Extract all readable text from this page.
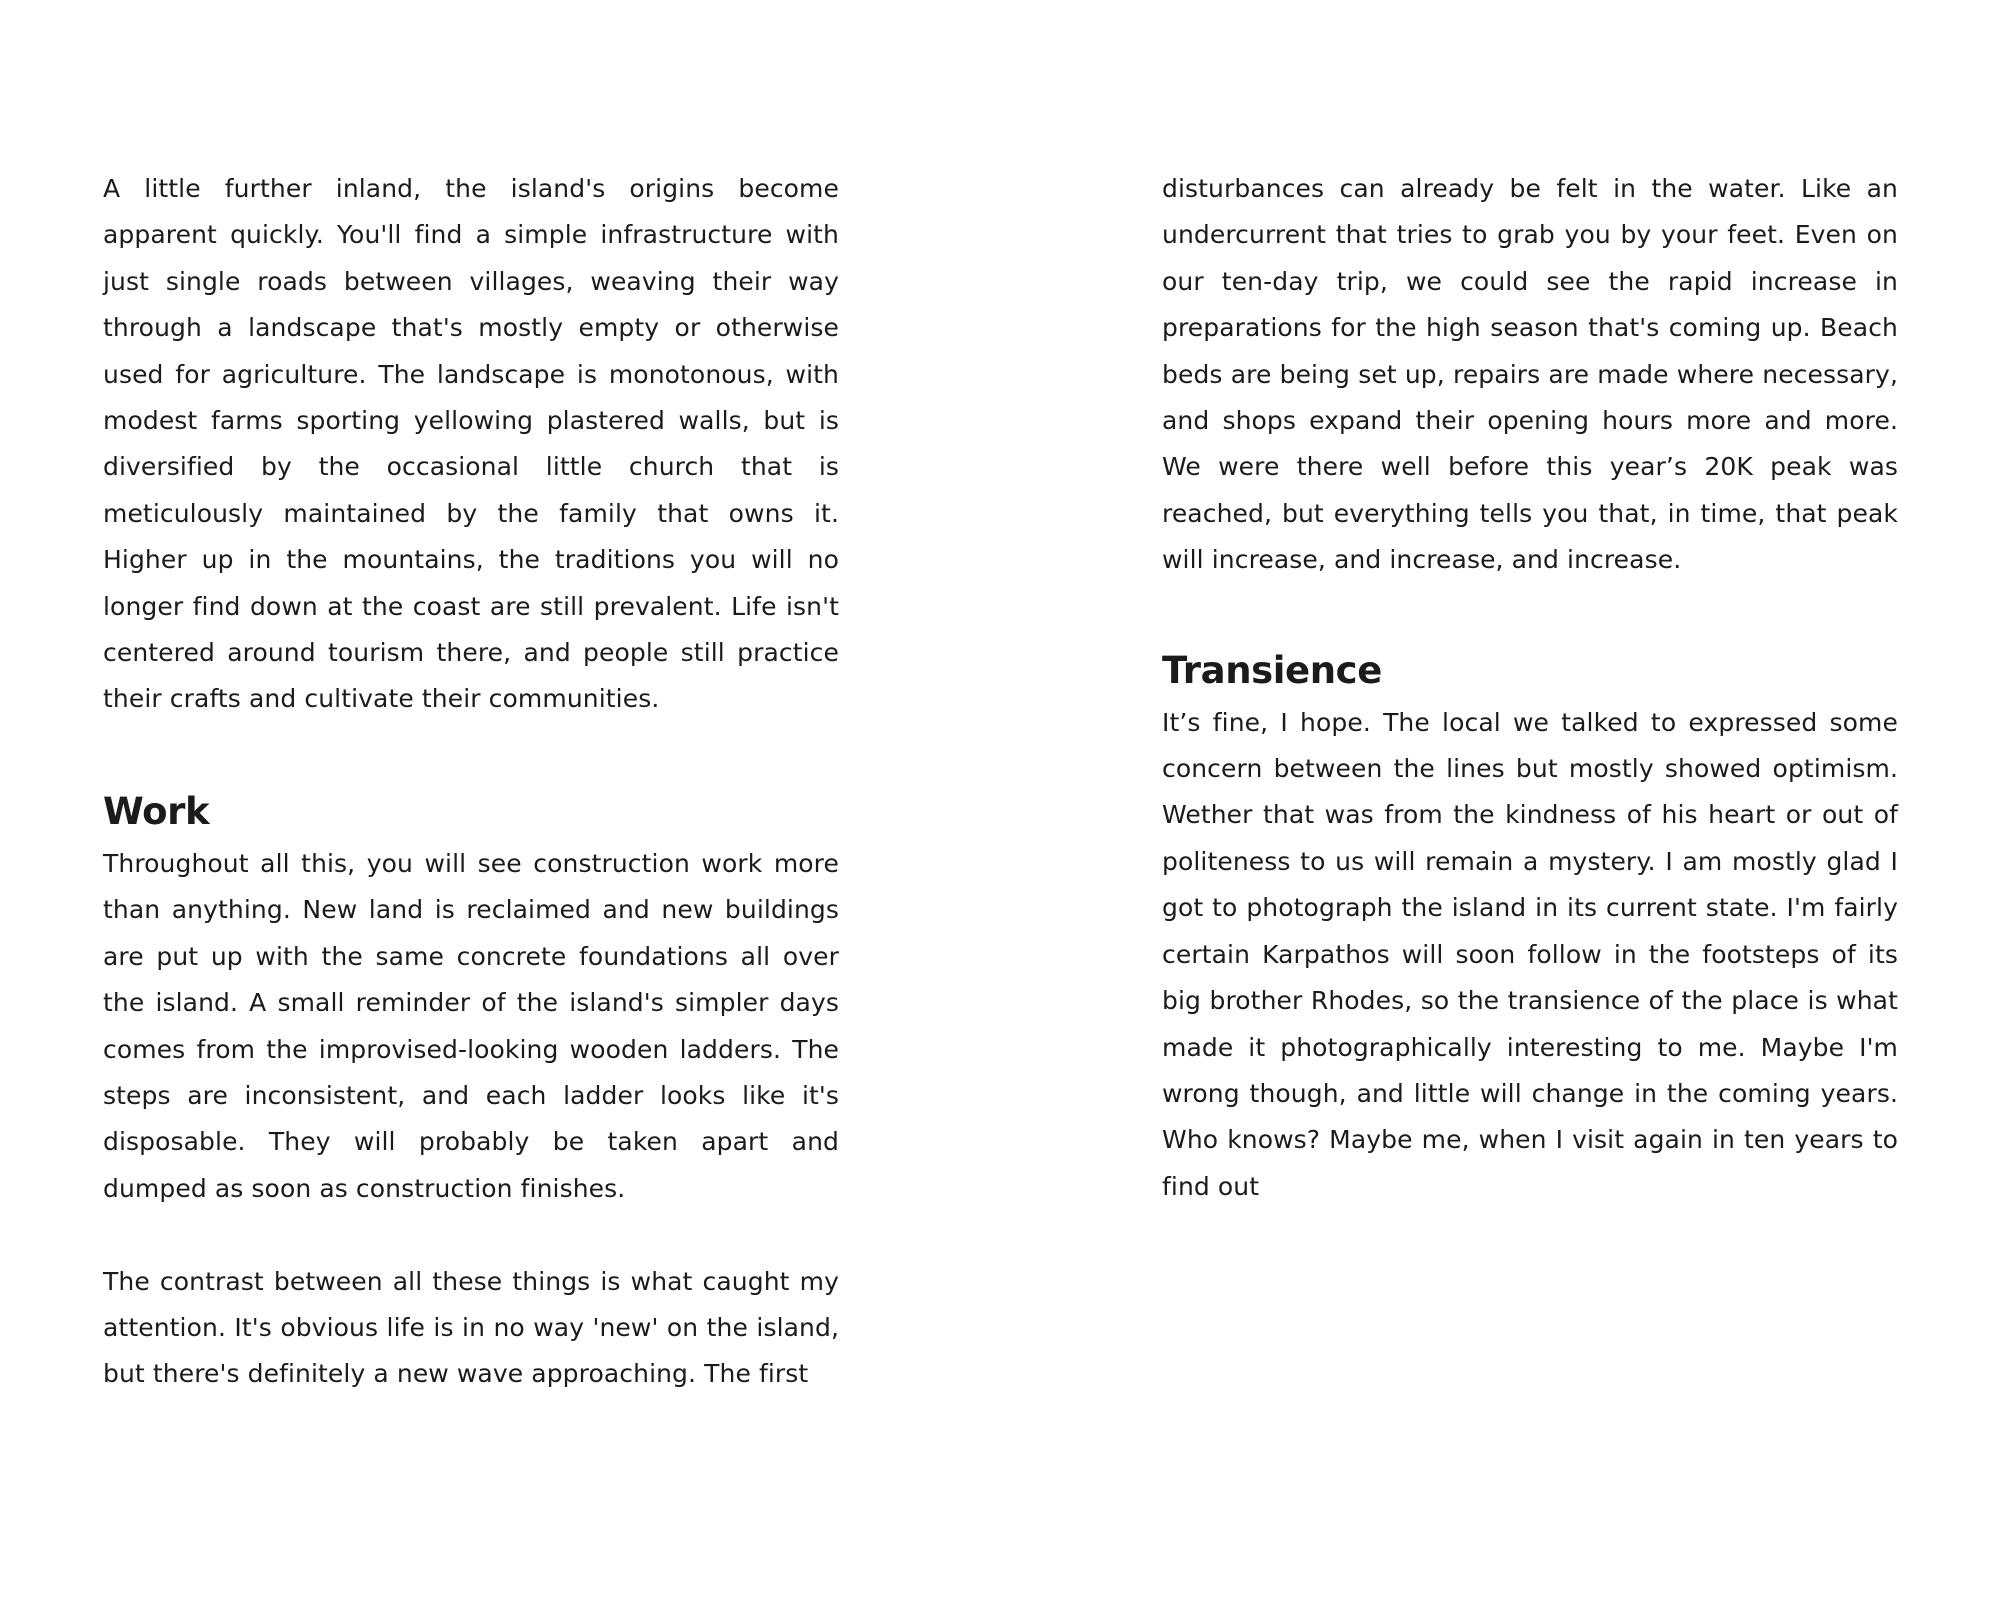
A little further inland, the island's origins become apparent quickly. You'll find a simple infrastructure with just single roads between villages, weaving their way through a landscape that's mostly empty or otherwise used for agriculture. The landscape is monotonous, with modest farms sporting yellowing plastered walls, but is diversified by the occasional little church that is meticulously maintained by the family that owns it. Higher up in the mountains, the traditions you will no longer find down at the coast are still prevalent. Life isn't centered around tourism there, and people still practice their crafts and cultivate their communities.

Work

Throughout all this, you will see construction work more than anything. New land is reclaimed and new buildings are put up with the same concrete foundations all over the island. A small reminder of the island's simpler days comes from the improvised-looking wooden ladders. The steps are inconsistent, and each ladder looks like it's disposable. They will probably be taken apart and dumped as soon as construction finishes.

The contrast between all these things is what caught my attention. It's obvious life is in no way 'new' on the island, but there's definitely a new wave approaching. The first

disturbances can already be felt in the water. Like an undercurrent that tries to grab you by your feet. Even on our ten-day trip, we could see the rapid increase in preparations for the high season that's coming up. Beach beds are being set up, repairs are made where necessary, and shops expand their opening hours more and more. We were there well before this year’s 20K peak was reached, but everything tells you that, in time, that peak will increase, and increase, and increase.

Transience

It’s fine, I hope. The local we talked to expressed some concern between the lines but mostly showed optimism. Wether that was from the kindness of his heart or out of politeness to us will remain a mystery. I am mostly glad I got to photograph the island in its current state. I'm fairly certain Karpathos will soon follow in the footsteps of its big brother Rhodes, so the transience of the place is what made it photographically interesting to me. Maybe I'm wrong though, and little will change in the coming years. Who knows? Maybe me, when I visit again in ten years to find out
